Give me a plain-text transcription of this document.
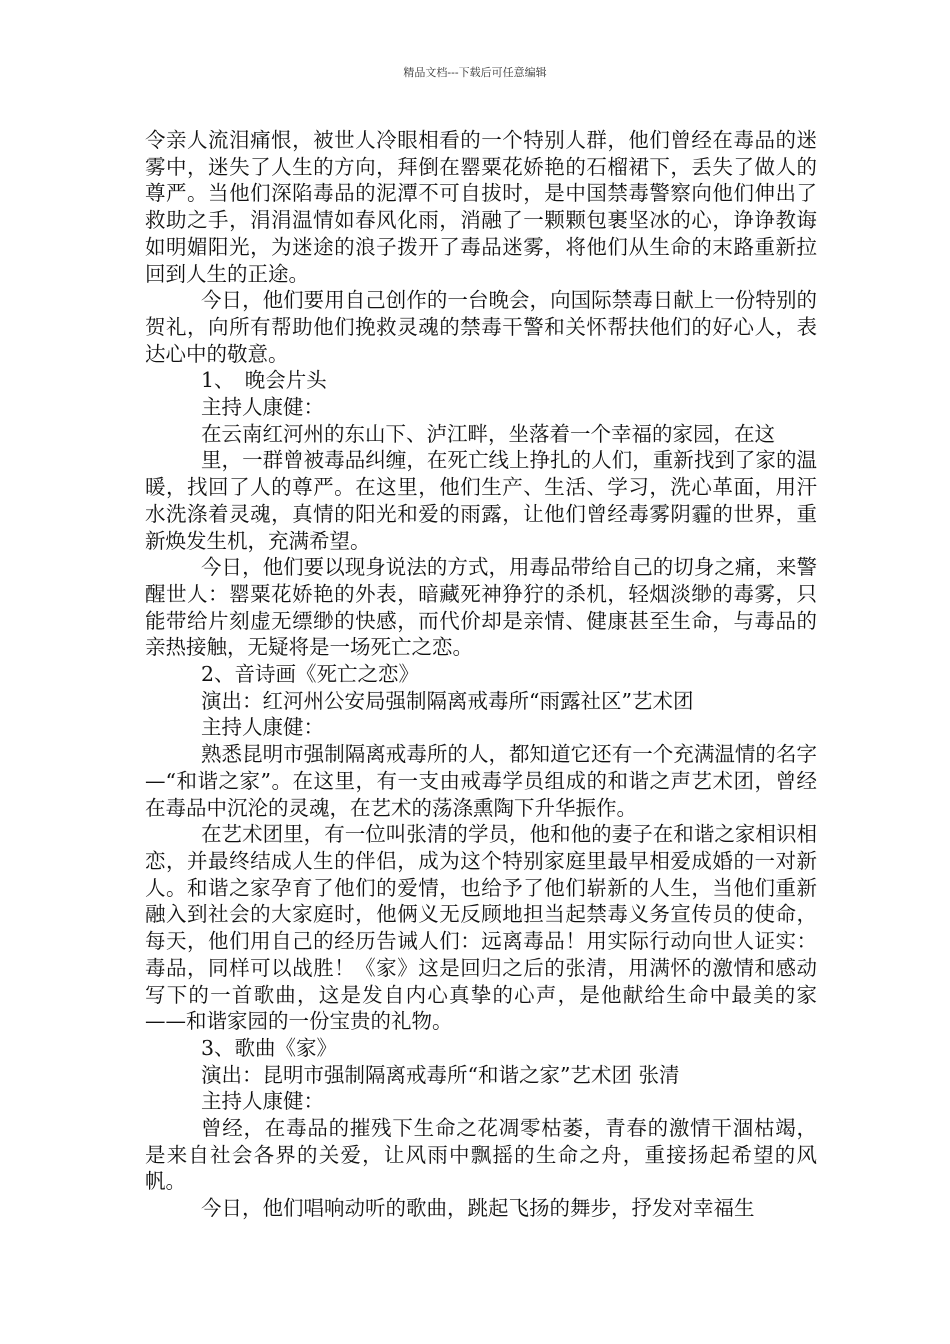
精品文档---下载后可任意编辑

令亲人流泪痛恨，被世人冷眼相看的一个特别人群，他们曾经在毒品的迷雾中，迷失了人生的方向，拜倒在罂粟花娇艳的石榴裙下，丢失了做人的尊严。当他们深陷毒品的泥潭不可自拔时，是中国禁毒警察向他们伸出了救助之手，涓涓温情如春风化雨，消融了一颗颗包裹坚冰的心，诤诤教诲如明媚阳光，为迷途的浪子拨开了毒品迷雾，将他们从生命的末路重新拉回到人生的正途。

今日，他们要用自己创作的一台晚会，向国际禁毒日献上一份特别的贺礼，向所有帮助他们挽救灵魂的禁毒干警和关怀帮扶他们的好心人，表达心中的敬意。

1、　晚会片头

主持人康健：

在云南红河州的东山下、泸江畔，坐落着一个幸福的家园，在这

里，一群曾被毒品纠缠，在死亡线上挣扎的人们，重新找到了家的温暖，找回了人的尊严。在这里，他们生产、生活、学习，洗心革面，用汗水洗涤着灵魂，真情的阳光和爱的雨露，让他们曾经毒雾阴霾的世界，重新焕发生机，充满希望。

今日，他们要以现身说法的方式，用毒品带给自己的切身之痛，来警醒世人：罂粟花娇艳的外表，暗藏死神狰狞的杀机，轻烟淡缈的毒雾，只能带给片刻虚无缥缈的快感，而代价却是亲情、健康甚至生命，与毒品的亲热接触，无疑将是一场死亡之恋。

2、音诗画《死亡之恋》

演出：红河州公安局强制隔离戒毒所“雨露社区”艺术团

主持人康健：

熟悉昆明市强制隔离戒毒所的人，都知道它还有一个充满温情的名字—“和谐之家”。在这里，有一支由戒毒学员组成的和谐之声艺术团，曾经在毒品中沉沦的灵魂，在艺术的荡涤熏陶下升华振作。

在艺术团里，有一位叫张清的学员，他和他的妻子在和谐之家相识相恋，并最终结成人生的伴侣，成为这个特别家庭里最早相爱成婚的一对新人。和谐之家孕育了他们的爱情，也给予了他们崭新的人生，当他们重新融入到社会的大家庭时，他俩义无反顾地担当起禁毒义务宣传员的使命，每天，他们用自己的经历告诫人们：远离毒品！用实际行动向世人证实：毒品，同样可以战胜！《家》这是回归之后的张清，用满怀的激情和感动写下的一首歌曲，这是发自内心真挚的心声，是他献给生命中最美的家——和谐家园的一份宝贵的礼物。

3、歌曲《家》

演出：昆明市强制隔离戒毒所“和谐之家”艺术团 张清

主持人康健：

曾经，在毒品的摧残下生命之花凋零枯萎，青春的激情干涸枯竭， 是来自社会各界的关爱，让风雨中飘摇的生命之舟，重接扬起希望的风帆。

今日，他们唱响动听的歌曲，跳起飞扬的舞步，抒发对幸福生
